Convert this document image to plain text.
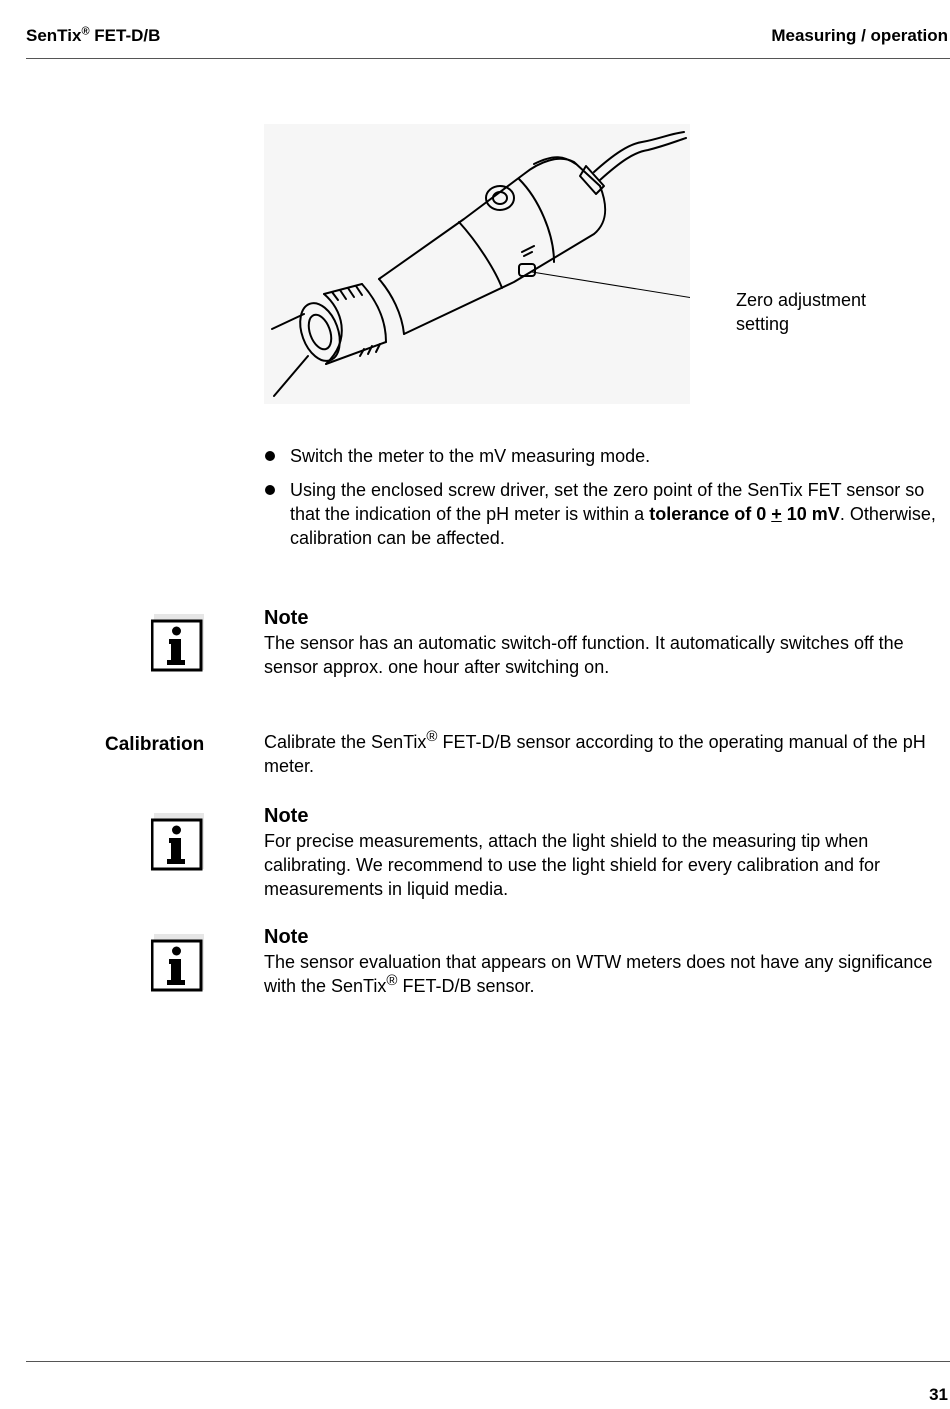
SenTix® FET-D/B	Measuring / operation
Zero adjustment
setting
Switch the meter to the mV measuring mode.
Using the enclosed screw driver, set the zero point of the SenTix FET sensor so that the indication of the pH meter is within a tolerance of 0 + 10 mV. Otherwise, calibration can be affected.
Note
The sensor has an automatic switch-off function. It automatically switches off the sensor approx. one hour after switching on.
Calibration	Calibrate the SenTix® FET-D/B sensor according to the operating manual of the pH meter.
Note
For precise measurements, attach the light shield to the measuring tip when calibrating. We recommend to use the light shield for every calibration and for measurements in liquid media.
Note
The sensor evaluation that appears on WTW meters does not have any significance with the SenTix® FET-D/B sensor.
31
